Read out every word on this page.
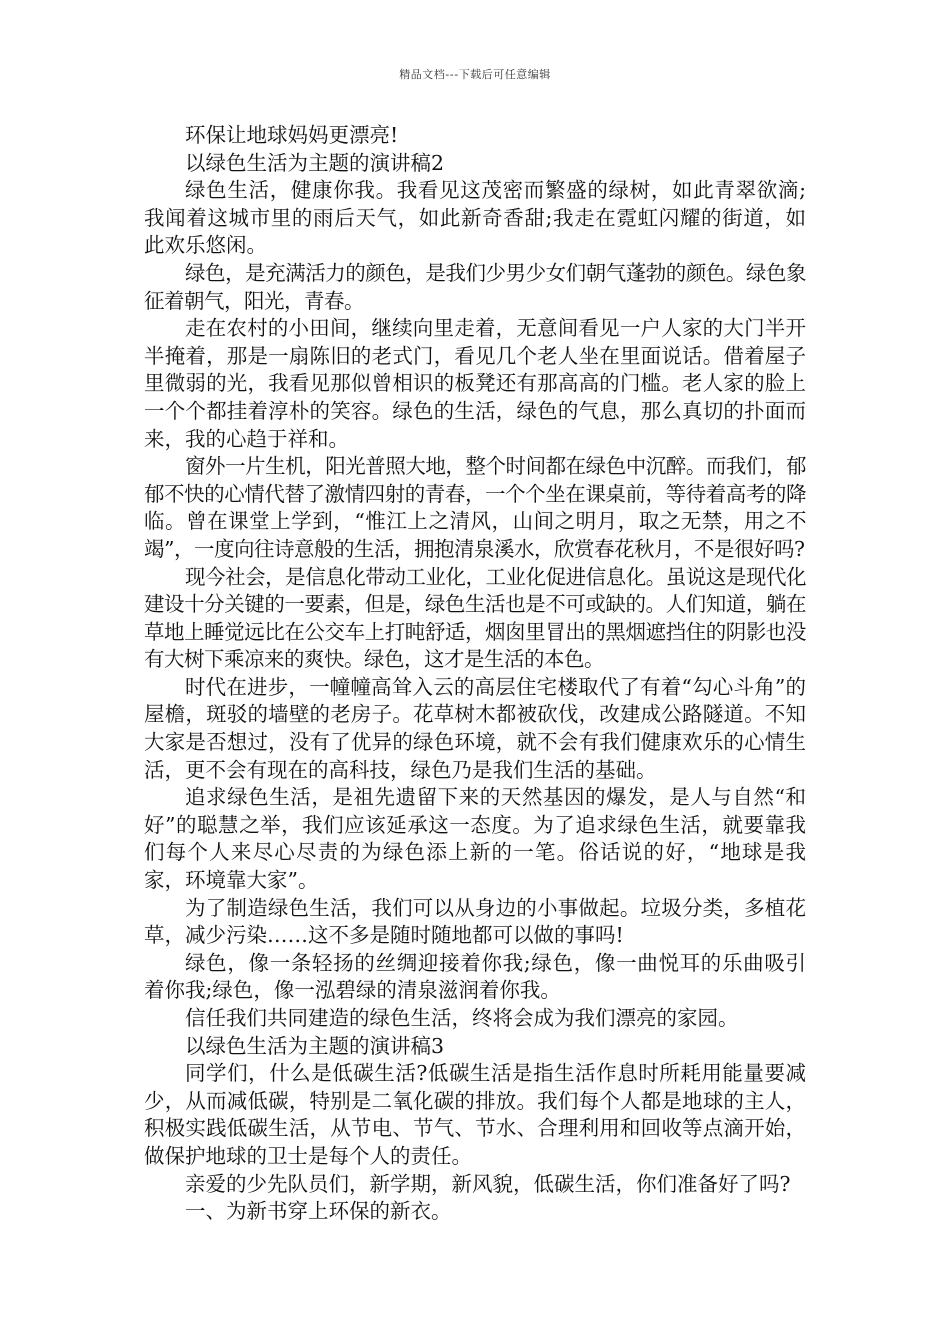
精品文档---下载后可任意编辑

环保让地球妈妈更漂亮!

以绿色生活为主题的演讲稿2

绿色生活，健康你我。我看见这茂密而繁盛的绿树，如此青翠欲滴;我闻着这城市里的雨后天气，如此新奇香甜;我走在霓虹闪耀的街道，如此欢乐悠闲。

绿色，是充满活力的颜色，是我们少男少女们朝气蓬勃的颜色。绿色象征着朝气，阳光，青春。

走在农村的小田间，继续向里走着，无意间看见一户人家的大门半开半掩着，那是一扇陈旧的老式门，看见几个老人坐在里面说话。借着屋子里微弱的光，我看见那似曾相识的板凳还有那高高的门槛。老人家的脸上一个个都挂着淳朴的笑容。绿色的生活，绿色的气息，那么真切的扑面而来，我的心趋于祥和。

窗外一片生机，阳光普照大地，整个时间都在绿色中沉醉。而我们，郁郁不快的心情代替了激情四射的青春，一个个坐在课桌前，等待着高考的降临。曾在课堂上学到，“惟江上之清风，山间之明月，取之无禁，用之不竭”，一度向往诗意般的生活，拥抱清泉溪水，欣赏春花秋月，不是很好吗?

现今社会，是信息化带动工业化，工业化促进信息化。虽说这是现代化建设十分关键的一要素，但是，绿色生活也是不可或缺的。人们知道，躺在草地上睡觉远比在公交车上打盹舒适，烟囱里冒出的黑烟遮挡住的阴影也没有大树下乘凉来的爽快。绿色，这才是生活的本色。

时代在进步，一幢幢高耸入云的高层住宅楼取代了有着“勾心斗角”的屋檐，斑驳的墙壁的老房子。花草树木都被砍伐，改建成公路隧道。不知大家是否想过，没有了优异的绿色环境，就不会有我们健康欢乐的心情生活，更不会有现在的高科技，绿色乃是我们生活的基础。

追求绿色生活，是祖先遗留下来的天然基因的爆发，是人与自然“和好”的聪慧之举，我们应该延承这一态度。为了追求绿色生活，就要靠我们每个人来尽心尽责的为绿色添上新的一笔。俗话说的好，“地球是我家，环境靠大家”。

为了制造绿色生活，我们可以从身边的小事做起。垃圾分类，多植花草，减少污染……这不多是随时随地都可以做的事吗!

绿色，像一条轻扬的丝绸迎接着你我;绿色，像一曲悦耳的乐曲吸引着你我;绿色，像一泓碧绿的清泉滋润着你我。

信任我们共同建造的绿色生活，终将会成为我们漂亮的家园。

以绿色生活为主题的演讲稿3

同学们，什么是低碳生活?低碳生活是指生活作息时所耗用能量要减少，从而减低碳，特别是二氧化碳的排放。我们每个人都是地球的主人，积极实践低碳生活，从节电、节气、节水、合理利用和回收等点滴开始，做保护地球的卫士是每个人的责任。

亲爱的少先队员们，新学期，新风貌，低碳生活，你们准备好了吗?

一、为新书穿上环保的新衣。
